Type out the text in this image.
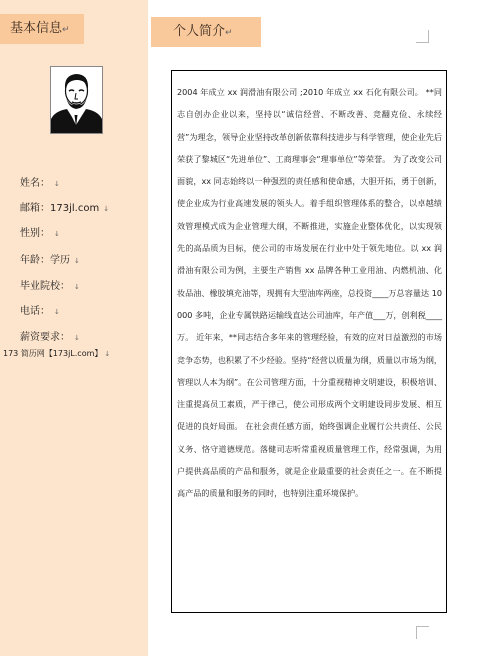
基本信息↵
姓名： ↓
邮箱：173jl.com ↓
性别： ↓
年龄：学历 ↓
毕业院校： ↓
电话： ↓
薪资要求： ↓
173 简历网【173jL.com】 ↓
个人简介↵

2004 年成立 xx 润滑油有限公司 ;2010 年成立 xx 石化有限公司。 **同志自创办企业以来，坚持以“诚信经营、不断改善、竞翻克俭、永续经营”为理念，领导企业坚持改革创新依靠科技进步与科学管理，使企业先后荣获了黎城区“先进单位”、工商理事会“理事单位”等荣誉。 为了改变公司面貌，xx 同志始终以一种强烈的责任感和使命感，大胆开拓，勇于创新，使企业成为行业高速发展的领头人。着手组织管理体系的整合，以卓越绩效管理模式成为企业管理大纲，不断推进，实施企业整体优化，以实现领先的高品质为目标，使公司的市场发展在行业中处于领先地位。以 xx 润滑油有限公司为例，主要生产销售 xx 品牌各种工业用油、内燃机油、化妆品油、橡胶填充油等，现拥有大型油库两座，总投资____万总容量达 10000 多吨，企业专属铁路运输线直达公司油库，年产值___万，创利税____万。 近年来，**同志结合多年来的管理经验，有效的应对日益激烈的市场竞争态势，也积累了不少经验。坚持“经营以质量为纲，质量以市场为纲，管理以人本为纲”。在公司管理方面，十分重视精神文明建设，积极培训、注重提高员工素质，严于律己，使公司形成两个文明建设同步发展、相互促进的良好局面。 在社会责任感方面，始终强调企业履行公共责任、公民义务、恪守道德规范。落健司志听常重视质量管理工作，经常强调，为用户提供高品质的产品和服务，就是企业最重要的社会责任之一。在不断提高产品的质量和服务的同时，也特别注重环境保护。
